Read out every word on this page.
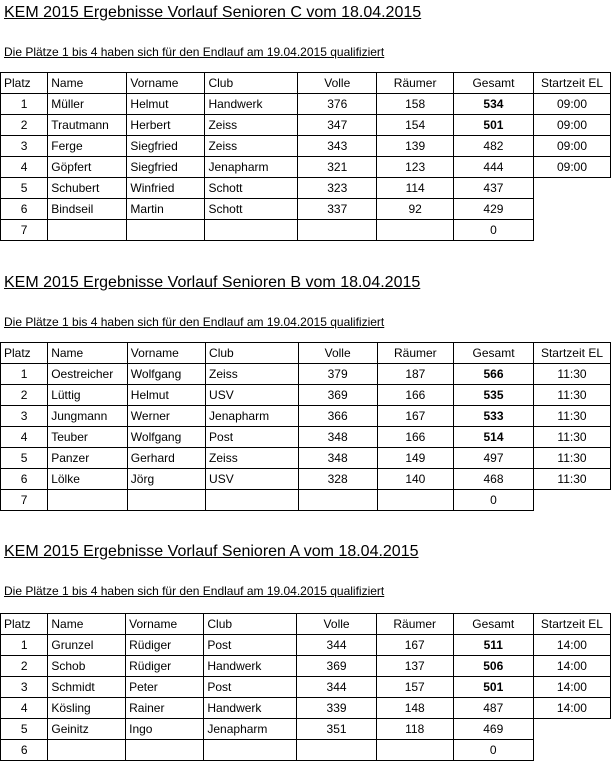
KEM 2015 Ergebnisse Vorlauf Senioren C vom 18.04.2015
Die Plätze 1 bis 4 haben sich für den Endlauf am 19.04.2015 qualifiziert
Platz	Name	Vorname	Club	Volle	Räumer	Gesamt	Startzeit EL
1	Müller	Helmut	Handwerk	376	158	534	09:00
2	Trautmann	Herbert	Zeiss	347	154	501	09:00
3	Ferge	Siegfried	Zeiss	343	139	482	09:00
4	Göpfert	Siegfried	Jenapharm	321	123	444	09:00
5	Schubert	Winfried	Schott	323	114	437	
6	Bindseil	Martin	Schott	337	92	429	
7						0	
KEM 2015 Ergebnisse Vorlauf Senioren B vom 18.04.2015
Die Plätze 1 bis 4 haben sich für den Endlauf am 19.04.2015 qualifiziert
Platz	Name	Vorname	Club	Volle	Räumer	Gesamt	Startzeit EL
1	Oestreicher	Wolfgang	Zeiss	379	187	566	11:30
2	Lüttig	Helmut	USV	369	166	535	11:30
3	Jungmann	Werner	Jenapharm	366	167	533	11:30
4	Teuber	Wolfgang	Post	348	166	514	11:30
5	Panzer	Gerhard	Zeiss	348	149	497	11:30
6	Lölke	Jörg	USV	328	140	468	11:30
7						0	
KEM 2015 Ergebnisse Vorlauf Senioren A vom 18.04.2015
Die Plätze 1 bis 4 haben sich für den Endlauf am 19.04.2015 qualifiziert
Platz	Name	Vorname	Club	Volle	Räumer	Gesamt	Startzeit EL
1	Grunzel	Rüdiger	Post	344	167	511	14:00
2	Schob	Rüdiger	Handwerk	369	137	506	14:00
3	Schmidt	Peter	Post	344	157	501	14:00
4	Kösling	Rainer	Handwerk	339	148	487	14:00
5	Geinitz	Ingo	Jenapharm	351	118	469	
6						0	
